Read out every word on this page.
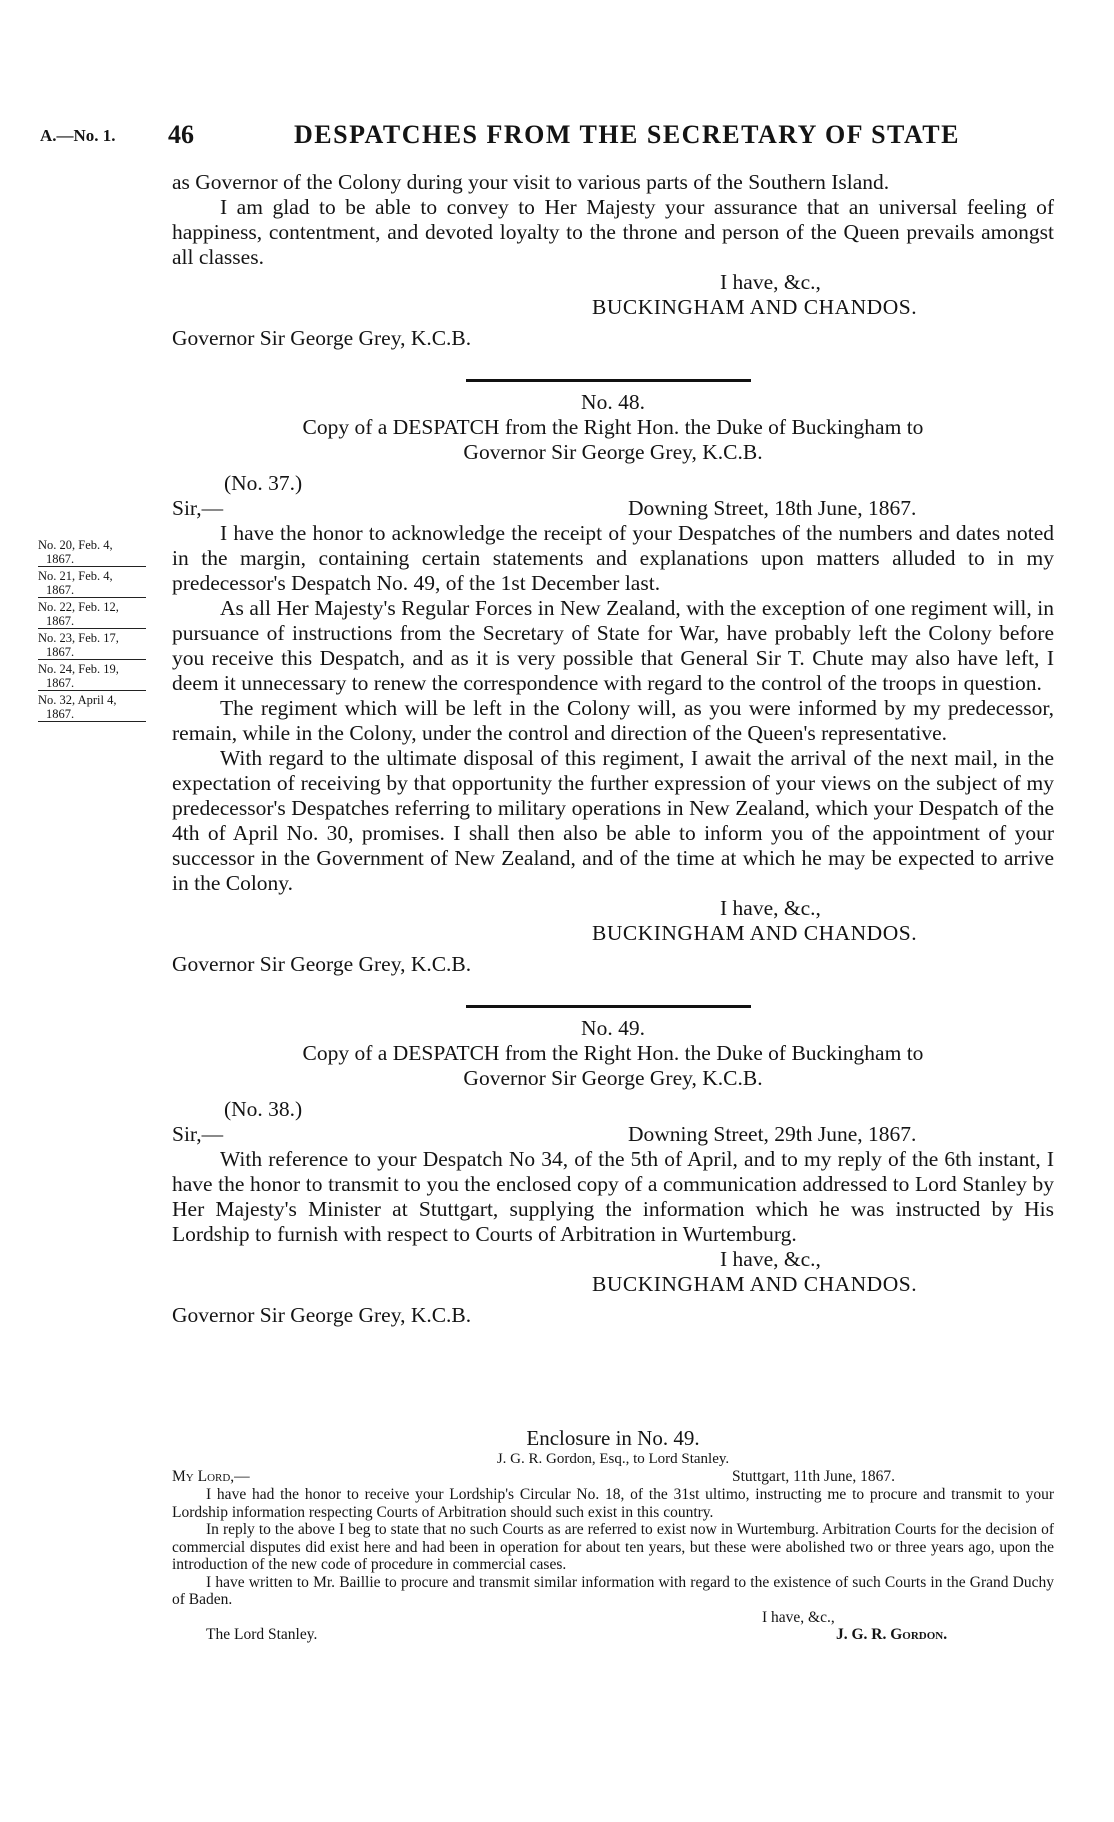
A.—No. 1. 46	DESPATCHES FROM THE SECRETARY OF STATE

No. 20, Feb. 4,
1867.

No. 21, Feb. 4,
1867.

No. 22, Feb. 12,
1867.

No. 23, Feb. 17,
1867.

No. 24, Feb. 19,
1867.

No. 32, April 4,
1867.

as Governor of the Colony during your visit to various parts of the Southern Island.

I am glad to be able to convey to Her Majesty your assurance that an universal feeling of happiness, contentment, and devoted loyalty to the throne and person of the Queen prevails amongst all classes.

I have, &c.,

BUCKINGHAM AND CHANDOS.

Governor Sir George Grey, K.C.B.

No. 48.

Copy of a DESPATCH from the Right Hon. the Duke of Buckingham to

Governor Sir George Grey, K.C.B.

(No. 37.)

Sir,—	Downing Street, 18th June, 1867.

I have the honor to acknowledge the receipt of your Despatches of the numbers and dates noted in the margin, containing certain statements and explanations upon matters alluded to in my predecessor's Despatch No. 49, of the 1st December last.

As all Her Majesty's Regular Forces in New Zealand, with the exception of one regiment will, in pursuance of instructions from the Secretary of State for War, have probably left the Colony before you receive this Despatch, and as it is very possible that General Sir T. Chute may also have left, I deem it unnecessary to renew the correspondence with regard to the control of the troops in question.

The regiment which will be left in the Colony will, as you were informed by my predecessor, remain, while in the Colony, under the control and direction of the Queen's representative.

With regard to the ultimate disposal of this regiment, I await the arrival of the next mail, in the expectation of receiving by that opportunity the further expression of your views on the subject of my predecessor's Despatches referring to military operations in New Zealand, which your Despatch of the 4th of April No. 30, promises. I shall then also be able to inform you of the appointment of your successor in the Government of New Zealand, and of the time at which he may be expected to arrive in the Colony.

I have, &c.,

BUCKINGHAM AND CHANDOS.

Governor Sir George Grey, K.C.B.

No. 49.

Copy of a DESPATCH from the Right Hon. the Duke of Buckingham to

Governor Sir George Grey, K.C.B.

(No. 38.)

Sir,—	Downing Street, 29th June, 1867.

With reference to your Despatch No 34, of the 5th of April, and to my reply of the 6th instant, I have the honor to transmit to you the enclosed copy of a communication addressed to Lord Stanley by Her Majesty's Minister at Stuttgart, supplying the information which he was instructed by His Lordship to furnish with respect to Courts of Arbitration in Wurtemburg.

I have, &c.,

BUCKINGHAM AND CHANDOS.

Governor Sir George Grey, K.C.B.

Enclosure in No. 49.

J. G. R. Gordon, Esq., to Lord Stanley.

My Lord,—	Stuttgart, 11th June, 1867.

I have had the honor to receive your Lordship's Circular No. 18, of the 31st ultimo, instructing me to procure and transmit to your Lordship information respecting Courts of Arbitration should such exist in this country.

In reply to the above I beg to state that no such Courts as are referred to exist now in Wurtemburg. Arbitration Courts for the decision of commercial disputes did exist here and had been in operation for about ten years, but these were abolished two or three years ago, upon the introduction of the new code of procedure in commercial cases.

I have written to Mr. Baillie to procure and transmit similar information with regard to the existence of such Courts in the Grand Duchy of Baden.

I have, &c.,

The Lord Stanley.	J. G. R. Gordon.
